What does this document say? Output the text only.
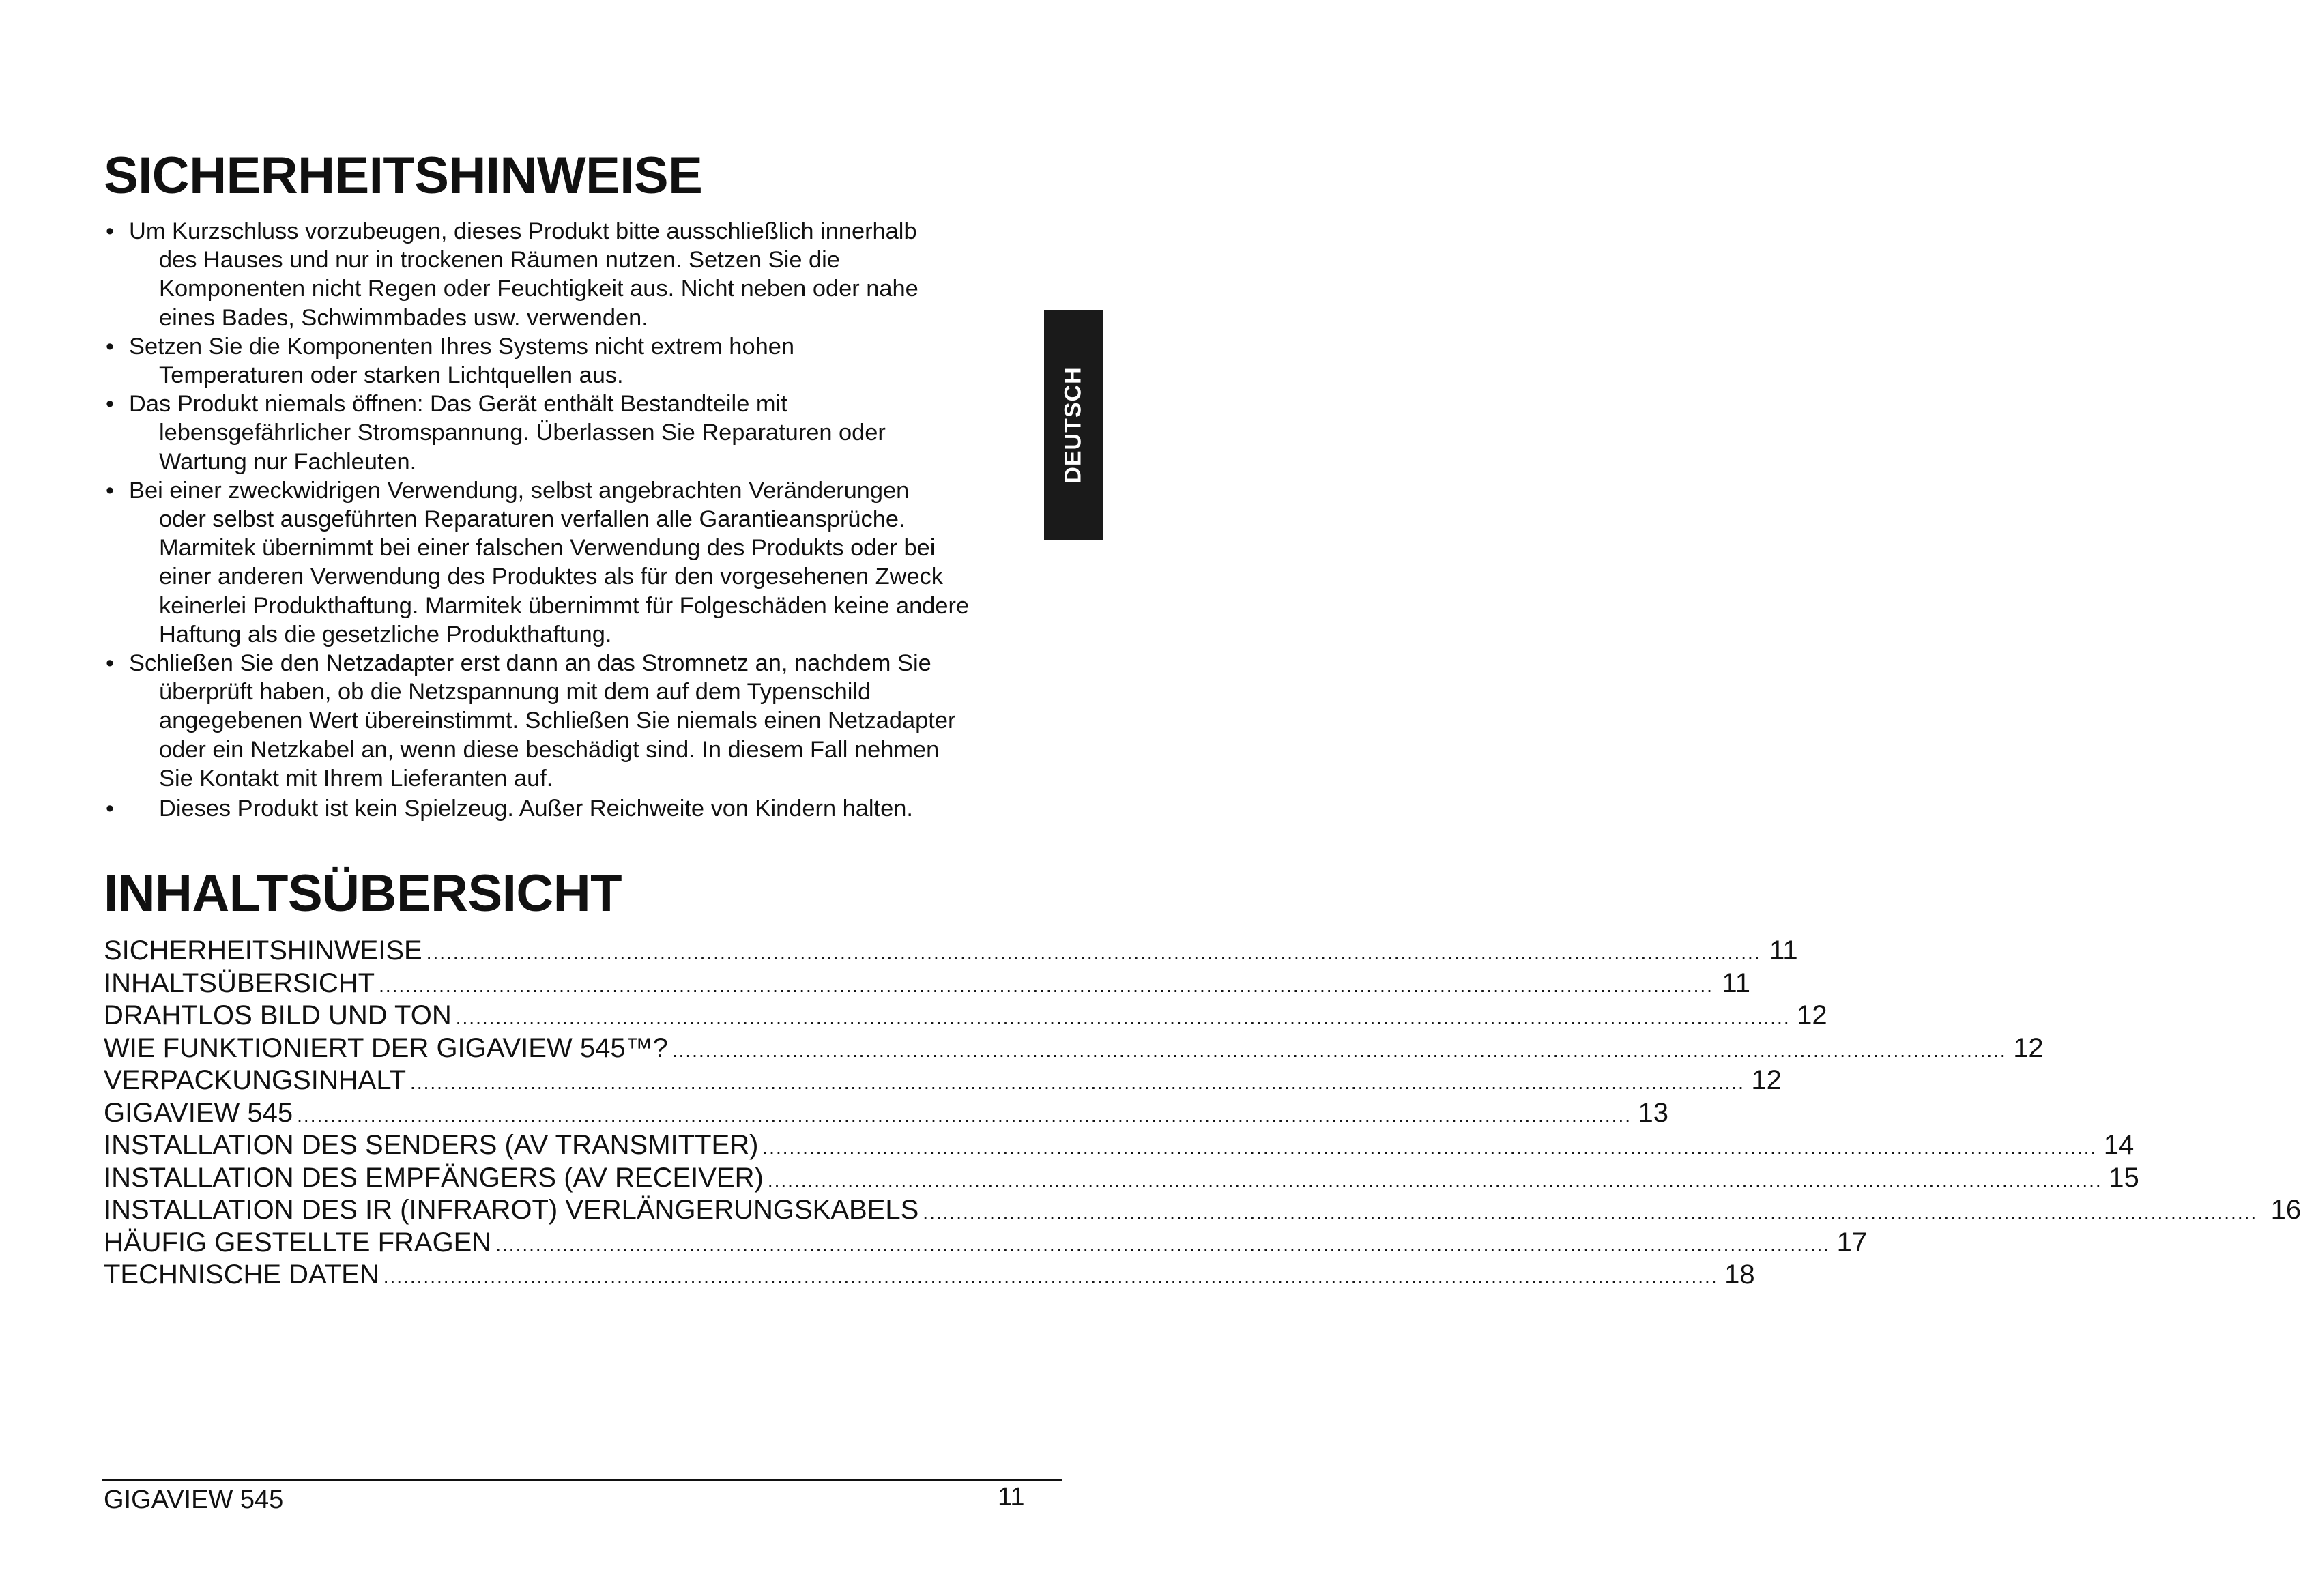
SICHERHEITSHINWEISE
• Um Kurzschluss vorzubeugen, dieses Produkt bitte ausschließlich innerhalb
des Hauses und nur in trockenen Räumen nutzen. Setzen Sie die
Komponenten nicht Regen oder Feuchtigkeit aus. Nicht neben oder nahe
eines Bades, Schwimmbades usw. verwenden.
• Setzen Sie die Komponenten Ihres Systems nicht extrem hohen
Temperaturen oder starken Lichtquellen aus.
• Das Produkt niemals öffnen: Das Gerät enthält Bestandteile mit
lebensgefährlicher Stromspannung. Überlassen Sie Reparaturen oder
Wartung nur Fachleuten.
• Bei einer zweckwidrigen Verwendung, selbst angebrachten Veränderungen
oder selbst ausgeführten Reparaturen verfallen alle Garantieansprüche.
Marmitek übernimmt bei einer falschen Verwendung des Produkts oder bei
einer anderen Verwendung des Produktes als für den vorgesehenen Zweck
keinerlei Produkthaftung. Marmitek übernimmt für Folgeschäden keine andere
Haftung als die gesetzliche Produkthaftung.
• Schließen Sie den Netzadapter erst dann an das Stromnetz an, nachdem Sie
überprüft haben, ob die Netzspannung mit dem auf dem Typenschild
angegebenen Wert übereinstimmt. Schließen Sie niemals einen Netzadapter
oder ein Netzkabel an, wenn diese beschädigt sind. In diesem Fall nehmen
Sie Kontakt mit Ihrem Lieferanten auf.
• Dieses Produkt ist kein Spielzeug. Außer Reichweite von Kindern halten.
INHALTSÜBERSICHT
SICHERHEITSHINWEISE ........................................................................................................................................................................................................ 11
INHALTSÜBERSICHT ........................................................................................................................................................................................................ 11
DRAHTLOS BILD UND TON ........................................................................................................................................................................................................ 12
WIE FUNKTIONIERT DER GIGAVIEW 545™? ........................................................................................................................................................................................................ 12
VERPACKUNGSINHALT ........................................................................................................................................................................................................ 12
GIGAVIEW 545 ........................................................................................................................................................................................................ 13
INSTALLATION DES SENDERS (AV TRANSMITTER) ........................................................................................................................................................................................................ 14
INSTALLATION DES EMPFÄNGERS (AV RECEIVER) ........................................................................................................................................................................................................ 15
INSTALLATION DES IR (INFRAROT) VERLÄNGERUNGSKABELS ........................................................................................................................................................................................................ 16
HÄUFIG GESTELLTE FRAGEN ........................................................................................................................................................................................................ 17
TECHNISCHE DATEN ........................................................................................................................................................................................................ 18
DEUTSCH
GIGAVIEW 545	11
